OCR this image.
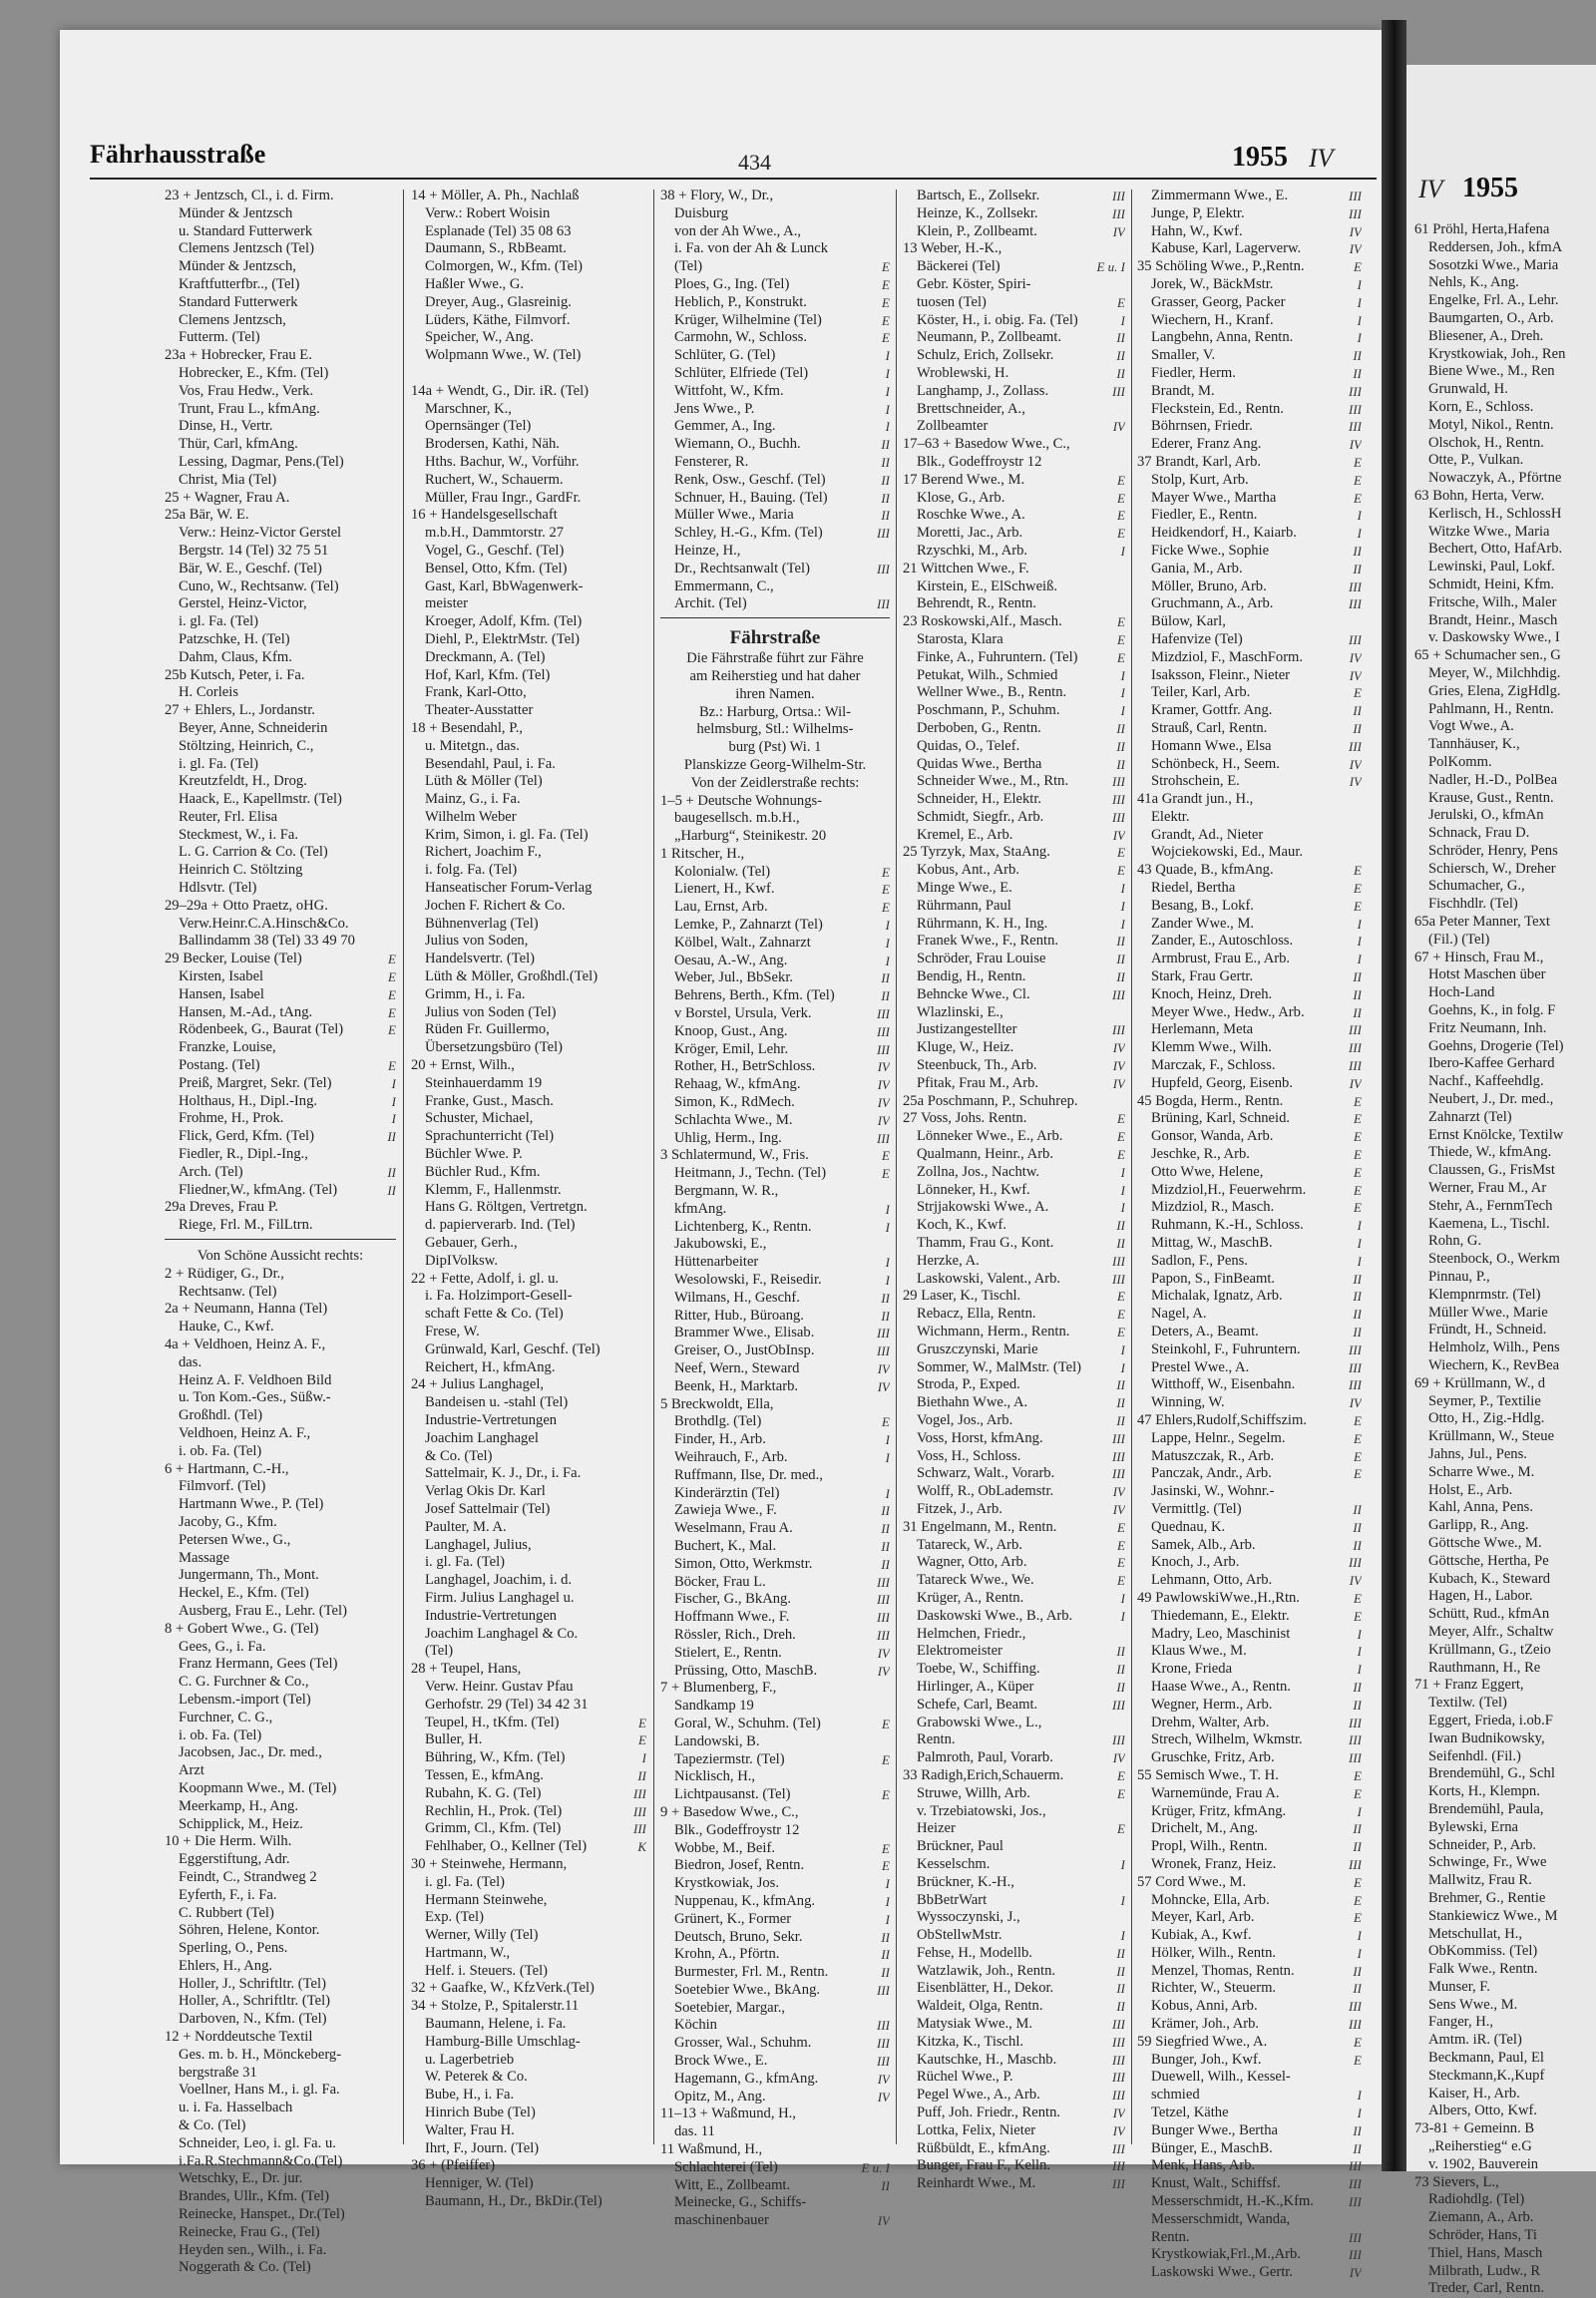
IV 1955
Fährhausstraße	434	1955 IV
23 + Jentzsch, Cl., i. d. Firm.
Münder & Jentzsch
u. Standard Futterwerk
Clemens Jentzsch (Tel)
Münder & Jentzsch,
Kraftfutterfbr.., (Tel)
Standard Futterwerk
Clemens Jentzsch,
Futterm. (Tel)
23a + Hobrecker, Frau E.
Hobrecker, E., Kfm. (Tel)
Vos, Frau Hedw., Verk.
Trunt, Frau L., kfmAng.
Dinse, H., Vertr.
Thür, Carl, kfmAng.
Lessing, Dagmar, Pens.(Tel)
Christ, Mia (Tel)
25 + Wagner, Frau A.
25a Bär, W. E.
Verw.: Heinz-Victor Gerstel
Bergstr. 14 (Tel) 32 75 51
Bär, W. E., Geschf. (Tel)
Cuno, W., Rechtsanw. (Tel)
Gerstel, Heinz-Victor,
i. gl. Fa. (Tel)
Patzschke, H. (Tel)
Dahm, Claus, Kfm.
25b Kutsch, Peter, i. Fa.
H. Corleis
27 + Ehlers, L., Jordanstr.
Beyer, Anne, Schneiderin
Stöltzing, Heinrich, C.,
i. gl. Fa. (Tel)
Kreutzfeldt, H., Drog.
Haack, E., Kapellmstr. (Tel)
Reuter, Frl. Elisa
Steckmest, W., i. Fa.
L. G. Carrion & Co. (Tel)
Heinrich C. Stöltzing
Hdlsvtr. (Tel)
29–29a + Otto Praetz, oHG.
Verw.Heinr.C.A.Hinsch&Co.
Ballindamm 38 (Tel) 33 49 70
29 Becker, Louise (Tel)	E
Kirsten, Isabel	E
Hansen, Isabel	E
Hansen, M.-Ad., tAng.	E
Rödenbeek, G., Baurat (Tel)	E
Franzke, Louise,
Postang. (Tel)	E
Preiß, Margret, Sekr. (Tel)	I
Holthaus, H., Dipl.-Ing.	I
Frohme, H., Prok.	I
Flick, Gerd, Kfm. (Tel)	II
Fiedler, R., Dipl.-Ing.,
Arch. (Tel)	II
Fliedner,W., kfmAng. (Tel)	II
29a Dreves, Frau P.
Riege, Frl. M., FilLtrn.
Von Schöne Aussicht rechts:
2 + Rüdiger, G., Dr.,
Rechtsanw. (Tel)
2a + Neumann, Hanna (Tel)
Hauke, C., Kwf.
4a + Veldhoen, Heinz A. F.,
das.
Heinz A. F. Veldhoen Bild
u. Ton Kom.-Ges., Süßw.-
Großhdl. (Tel)
Veldhoen, Heinz A. F.,
i. ob. Fa. (Tel)
6 + Hartmann, C.-H.,
Filmvorf. (Tel)
Hartmann Wwe., P. (Tel)
Jacoby, G., Kfm.
Petersen Wwe., G.,
Massage
Jungermann, Th., Mont.
Heckel, E., Kfm. (Tel)
Ausberg, Frau E., Lehr. (Tel)
8 + Gobert Wwe., G. (Tel)
Gees, G., i. Fa.
Franz Hermann, Gees (Tel)
C. G. Furchner & Co.,
Lebensm.-import (Tel)
Furchner, C. G.,
i. ob. Fa. (Tel)
Jacobsen, Jac., Dr. med.,
Arzt
Koopmann Wwe., M. (Tel)
Meerkamp, H., Ang.
Schipplick, M., Heiz.
10 + Die Herm. Wilh.
Eggerstiftung, Adr.
Feindt, C., Strandweg 2
Eyferth, F., i. Fa.
C. Rubbert (Tel)
Söhren, Helene, Kontor.
Sperling, O., Pens.
Ehlers, H., Ang.
Holler, J., Schriftltr. (Tel)
Holler, A., Schriftltr. (Tel)
Darboven, N., Kfm. (Tel)
12 + Norddeutsche Textil
Ges. m. b. H., Mönckeberg-
bergstraße 31
Voellner, Hans M., i. gl. Fa.
u. i. Fa. Hasselbach
& Co. (Tel)
Schneider, Leo, i. gl. Fa. u.
i.Fa.R.Stechmann&Co.(Tel)
Wetschky, E., Dr. jur.
Brandes, Ullr., Kfm. (Tel)
Reinecke, Hanspet., Dr.(Tel)
Reinecke, Frau G., (Tel)
Heyden sen., Wilh., i. Fa.
Noggerath & Co. (Tel)
14 + Möller, A. Ph., Nachlaß
Verw.: Robert Woisin
Esplanade (Tel) 35 08 63
Daumann, S., RbBeamt.
Colmorgen, W., Kfm. (Tel)
Haßler Wwe., G.
Dreyer, Aug., Glasreinig.
Lüders, Käthe, Filmvorf.
Speicher, W., Ang.
Wolpmann Wwe., W. (Tel)
14a + Wendt, G., Dir. iR. (Tel)
Marschner, K.,
Opernsänger (Tel)
Brodersen, Kathi, Näh.
Hths. Bachur, W., Vorführ.
Ruchert, W., Schauerm.
Müller, Frau Ingr., GardFr.
16 + Handelsgesellschaft
m.b.H., Dammtorstr. 27
Vogel, G., Geschf. (Tel)
Bensel, Otto, Kfm. (Tel)
Gast, Karl, BbWagenwerk-
meister
Kroeger, Adolf, Kfm. (Tel)
Diehl, P., ElektrMstr. (Tel)
Dreckmann, A. (Tel)
Hof, Karl, Kfm. (Tel)
Frank, Karl-Otto,
Theater-Ausstatter
18 + Besendahl, P.,
u. Mitetgn., das.
Besendahl, Paul, i. Fa.
Lüth & Möller (Tel)
Mainz, G., i. Fa.
Wilhelm Weber
Krim, Simon, i. gl. Fa. (Tel)
Richert, Joachim F.,
i. folg. Fa. (Tel)
Hanseatischer Forum-Verlag
Jochen F. Richert & Co.
Bühnenverlag (Tel)
Julius von Soden,
Handelsvertr. (Tel)
Lüth & Möller, Großhdl.(Tel)
Grimm, H., i. Fa.
Julius von Soden (Tel)
Rüden Fr. Guillermo,
Übersetzungsbüro (Tel)
20 + Ernst, Wilh.,
Steinhauerdamm 19
Franke, Gust., Masch.
Schuster, Michael,
Sprachunterricht (Tel)
Büchler Wwe. P.
Büchler Rud., Kfm.
Klemm, F., Hallenmstr.
Hans G. Röltgen, Vertretgn.
d. papierverarb. Ind. (Tel)
Gebauer, Gerh.,
DipIVolksw.
22 + Fette, Adolf, i. gl. u.
i. Fa. Holzimport-Gesell-
schaft Fette & Co. (Tel)
Frese, W.
Grünwald, Karl, Geschf. (Tel)
Reichert, H., kfmAng.
24 + Julius Langhagel,
Bandeisen u. -stahl (Tel)
Industrie-Vertretungen
Joachim Langhagel
& Co. (Tel)
Sattelmair, K. J., Dr., i. Fa.
Verlag Okis Dr. Karl
Josef Sattelmair (Tel)
Paulter, M. A.
Langhagel, Julius,
i. gl. Fa. (Tel)
Langhagel, Joachim, i. d.
Firm. Julius Langhagel u.
Industrie-Vertretungen
Joachim Langhagel & Co.
(Tel)
28 + Teupel, Hans,
Verw. Heinr. Gustav Pfau
Gerhofstr. 29 (Tel) 34 42 31
Teupel, H., tKfm. (Tel)	E
Buller, H.	E
Bühring, W., Kfm. (Tel)	I
Tessen, E., kfmAng.	II
Rubahn, K. G. (Tel)	III
Rechlin, H., Prok. (Tel)	III
Grimm, Cl., Kfm. (Tel)	III
Fehlhaber, O., Kellner (Tel)	K
30 + Steinwehe, Hermann,
i. gl. Fa. (Tel)
Hermann Steinwehe,
Exp. (Tel)
Werner, Willy (Tel)
Hartmann, W.,
Helf. i. Steuers. (Tel)
32 + Gaafke, W., KfzVerk.(Tel)
34 + Stolze, P., Spitalerstr.11
Baumann, Helene, i. Fa.
Hamburg-Bille Umschlag-
u. Lagerbetrieb
W. Peterek & Co.
Bube, H., i. Fa.
Hinrich Bube (Tel)
Walter, Frau H.
Ihrt, F., Journ. (Tel)
36 + (Pfeiffer)
Henniger, W. (Tel)
Baumann, H., Dr., BkDir.(Tel)
38 + Flory, W., Dr.,
Duisburg
von der Ah Wwe., A.,
i. Fa. von der Ah & Lunck
(Tel)	E
Ploes, G., Ing. (Tel)	E
Heblich, P., Konstrukt.	E
Krüger, Wilhelmine (Tel)	E
Carmohn, W., Schloss.	E
Schlüter, G. (Tel)	I
Schlüter, Elfriede (Tel)	I
Wittfoht, W., Kfm.	I
Jens Wwe., P.	I
Gemmer, A., Ing.	I
Wiemann, O., Buchh.	II
Fensterer, R.	II
Renk, Osw., Geschf. (Tel)	II
Schnuer, H., Bauing. (Tel)	II
Müller Wwe., Maria	II
Schley, H.-G., Kfm. (Tel)	III
Heinze, H.,
Dr., Rechtsanwalt (Tel)	III
Emmermann, C.,
Archit. (Tel)	III
Fährstraße
Die Fährstraße führt zur Fähre
am Reiherstieg und hat daher
ihren Namen.
Bz.: Harburg, Ortsa.: Wil-
helmsburg, Stl.: Wilhelms-
burg (Pst) Wi. 1
Planskizze Georg-Wilhelm-Str.
Von der Zeidlerstraße rechts:
1–5 + Deutsche Wohnungs-
baugesellsch. m.b.H.,
„Harburg“, Steinikestr. 20
1 Ritscher, H.,
Kolonialw. (Tel)	E
Lienert, H., Kwf.	E
Lau, Ernst, Arb.	E
Lemke, P., Zahnarzt (Tel)	I
Kölbel, Walt., Zahnarzt	I
Oesau, A.-W., Ang.	I
Weber, Jul., BbSekr.	II
Behrens, Berth., Kfm. (Tel)	II
v Borstel, Ursula, Verk.	III
Knoop, Gust., Ang.	III
Kröger, Emil, Lehr.	III
Rother, H., BetrSchloss.	IV
Rehaag, W., kfmAng.	IV
Simon, K., RdMech.	IV
Schlachta Wwe., M.	IV
Uhlig, Herm., Ing.	III
3 Schlatermund, W., Fris.	E
Heitmann, J., Techn. (Tel)	E
Bergmann, W. R.,
kfmAng.	I
Lichtenberg, K., Rentn.	I
Jakubowski, E.,
Hüttenarbeiter	I
Wesolowski, F., Reisedir.	I
Wilmans, H., Geschf.	II
Ritter, Hub., Büroang.	II
Brammer Wwe., Elisab.	III
Greiser, O., JustObInsp.	III
Neef, Wern., Steward	IV
Beenk, H., Marktarb.	IV
5 Breckwoldt, Ella,
Brothdlg. (Tel)	E
Finder, H., Arb.	I
Weihrauch, F., Arb.	I
Ruffmann, Ilse, Dr. med.,
Kinderärztin (Tel)	I
Zawieja Wwe., F.	II
Weselmann, Frau A.	II
Buchert, K., Mal.	II
Simon, Otto, Werkmstr.	II
Böcker, Frau L.	III
Fischer, G., BkAng.	III
Hoffmann Wwe., F.	III
Rössler, Rich., Dreh.	III
Stielert, E., Rentn.	IV
Prüssing, Otto, MaschB.	IV
7 + Blumenberg, F.,
Sandkamp 19
Goral, W., Schuhm. (Tel)	E
Landowski, B.
Tapeziermstr. (Tel)	E
Nicklisch, H.,
Lichtpausanst. (Tel)	E
9 + Basedow Wwe., C.,
Blk., Godeffroystr 12
Wobbe, M., Beif.	E
Biedron, Josef, Rentn.	E
Krystkowiak, Jos.	I
Nuppenau, K., kfmAng.	I
Grünert, K., Former	I
Deutsch, Bruno, Sekr.	II
Krohn, A., Pförtn.	II
Burmester, Frl. M., Rentn.	II
Soetebier Wwe., BkAng.	III
Soetebier, Margar.,
Köchin	III
Grosser, Wal., Schuhm.	III
Brock Wwe., E.	III
Hagemann, G., kfmAng.	IV
Opitz, M., Ang.	IV
11–13 + Waßmund, H.,
das. 11
11 Waßmund, H.,
Schlachterei (Tel)	E u. I
Witt, E., Zollbeamt.	II
Meinecke, G., Schiffs-
maschinenbauer	IV
Bartsch, E., Zollsekr.	III
Heinze, K., Zollsekr.	III
Klein, P., Zollbeamt.	IV
13 Weber, H.-K.,
Bäckerei (Tel)	E u. I
Gebr. Köster, Spiri-
tuosen (Tel)	E
Köster, H., i. obig. Fa. (Tel)	I
Neumann, P., Zollbeamt.	II
Schulz, Erich, Zollsekr.	II
Wroblewski, H.	II
Langhamp, J., Zollass.	III
Brettschneider, A.,
Zollbeamter	IV
17–63 + Basedow Wwe., C.,
Blk., Godeffroystr 12
17 Berend Wwe., M.	E
Klose, G., Arb.	E
Roschke Wwe., A.	E
Moretti, Jac., Arb.	E
Rzyschki, M., Arb.	I
21 Wittchen Wwe., F.
Kirstein, E., ElSchweiß.
Behrendt, R., Rentn.
23 Roskowski,Alf., Masch.	E
Starosta, Klara	E
Finke, A., Fuhruntern. (Tel)	E
Petukat, Wilh., Schmied	I
Wellner Wwe., B., Rentn.	I
Poschmann, P., Schuhm.	I
Derboben, G., Rentn.	II
Quidas, O., Telef.	II
Quidas Wwe., Bertha	II
Schneider Wwe., M., Rtn.	III
Schneider, H., Elektr.	III
Schmidt, Siegfr., Arb.	III
Kremel, E., Arb.	IV
25 Tyrzyk, Max, StaAng.	E
Kobus, Ant., Arb.	E
Minge Wwe., E.	I
Rührmann, Paul	I
Rührmann, K. H., Ing.	I
Franek Wwe., F., Rentn.	II
Schröder, Frau Louise	II
Bendig, H., Rentn.	II
Behncke Wwe., Cl.	III
Wlazlinski, E.,
Justizangestellter	III
Kluge, W., Heiz.	IV
Steenbuck, Th., Arb.	IV
Pfitak, Frau M., Arb.	IV
25a Poschmann, P., Schuhrep.
27 Voss, Johs. Rentn.	E
Lönneker Wwe., E., Arb.	E
Qualmann, Heinr., Arb.	E
Zollna, Jos., Nachtw.	I
Lönneker, H., Kwf.	I
Strjjakowski Wwe., A.	I
Koch, K., Kwf.	II
Thamm, Frau G., Kont.	II
Herzke, A.	III
Laskowski, Valent., Arb.	III
29 Laser, K., Tischl.	E
Rebacz, Ella, Rentn.	E
Wichmann, Herm., Rentn.	E
Gruszczynski, Marie	I
Sommer, W., MalMstr. (Tel)	I
Stroda, P., Exped.	II
Biethahn Wwe., A.	II
Vogel, Jos., Arb.	II
Voss, Horst, kfmAng.	III
Voss, H., Schloss.	III
Schwarz, Walt., Vorarb.	III
Wolff, R., ObLademstr.	IV
Fitzek, J., Arb.	IV
31 Engelmann, M., Rentn.	E
Tatareck, W., Arb.	E
Wagner, Otto, Arb.	E
Tatareck Wwe., We.	E
Krüger, A., Rentn.	I
Daskowski Wwe., B., Arb.	I
Helmchen, Friedr.,
Elektromeister	II
Toebe, W., Schiffing.	II
Hirlinger, A., Küper	II
Schefe, Carl, Beamt.	III
Grabowski Wwe., L.,
Rentn.	III
Palmroth, Paul, Vorarb.	IV
33 Radigh,Erich,Schauerm.	E
Struwe, Willh, Arb.	E
v. Trzebiatowski, Jos.,
Heizer	E
Brückner, Paul
Kesselschm.	I
Brückner, K.-H.,
BbBetrWart	I
Wyssoczynski, J.,
ObStellwMstr.	I
Fehse, H., Modellb.	II
Watzlawik, Joh., Rentn.	II
Eisenblätter, H., Dekor.	II
Waldeit, Olga, Rentn.	II
Matysiak Wwe., M.	III
Kitzka, K., Tischl.	III
Kautschke, H., Maschb.	III
Rüchel Wwe., P.	III
Pegel Wwe., A., Arb.	III
Puff, Joh. Friedr., Rentn.	IV
Lottka, Felix, Nieter	IV
Rüßbüldt, E., kfmAng.	III
Bunger, Frau F., Kelln.	III
Reinhardt Wwe., M.	III
Zimmermann Wwe., E.	III
Junge, P, Elektr.	III
Hahn, W., Kwf.	IV
Kabuse, Karl, Lagerverw.	IV
35 Schöling Wwe., P.,Rentn.	E
Jorek, W., BäckMstr.	I
Grasser, Georg, Packer	I
Wiechern, H., Kranf.	I
Langbehn, Anna, Rentn.	I
Smaller, V.	II
Fiedler, Herm.	II
Brandt, M.	III
Fleckstein, Ed., Rentn.	III
Böhrnsen, Friedr.	III
Ederer, Franz Ang.	IV
37 Brandt, Karl, Arb.	E
Stolp, Kurt, Arb.	E
Mayer Wwe., Martha	E
Fiedler, E., Rentn.	I
Heidkendorf, H., Kaiarb.	I
Ficke Wwe., Sophie	II
Gania, M., Arb.	II
Möller, Bruno, Arb.	III
Gruchmann, A., Arb.	III
Bülow, Karl,
Hafenvize (Tel)	III
Mizdziol, F., MaschForm.	IV
Isaksson, Fleinr., Nieter	IV
Teiler, Karl, Arb.	E
Kramer, Gottfr. Ang.	II
Strauß, Carl, Rentn.	II
Homann Wwe., Elsa	III
Schönbeck, H., Seem.	IV
Strohschein, E.	IV
41a Grandt jun., H.,
Elektr.
Grandt, Ad., Nieter
Wojciekowski, Ed., Maur.
43 Quade, B., kfmAng.	E
Riedel, Bertha	E
Besang, B., Lokf.	E
Zander Wwe., M.	I
Zander, E., Autoschloss.	I
Armbrust, Frau E., Arb.	I
Stark, Frau Gertr.	II
Knoch, Heinz, Dreh.	II
Meyer Wwe., Hedw., Arb.	II
Herlemann, Meta	III
Klemm Wwe., Wilh.	III
Marczak, F., Schloss.	III
Hupfeld, Georg, Eisenb.	IV
45 Bogda, Herm., Rentn.	E
Brüning, Karl, Schneid.	E
Gonsor, Wanda, Arb.	E
Jeschke, R., Arb.	E
Otto Wwe, Helene,	E
Mizdziol,H., Feuerwehrm.	E
Mizdziol, R., Masch.	E
Ruhmann, K.-H., Schloss.	I
Mittag, W., MaschB.	I
Sadlon, F., Pens.	I
Papon, S., FinBeamt.	II
Michalak, Ignatz, Arb.	II
Nagel, A.	II
Deters, A., Beamt.	II
Steinkohl, F., Fuhruntern.	III
Prestel Wwe., A.	III
Witthoff, W., Eisenbahn.	III
Winning, W.	IV
47 Ehlers,Rudolf,Schiffszim.	E
Lappe, Helnr., Segelm.	E
Matuszczak, R., Arb.	E
Panczak, Andr., Arb.	E
Jasinski, W., Wohnr.-
Vermittlg. (Tel)	II
Quednau, K.	II
Samek, Alb., Arb.	II
Knoch, J., Arb.	III
Lehmann, Otto, Arb.	IV
49 PawlowskiWwe.,H.,Rtn.	E
Thiedemann, E., Elektr.	E
Madry, Leo, Maschinist	I
Klaus Wwe., M.	I
Krone, Frieda	I
Haase Wwe., A., Rentn.	II
Wegner, Herm., Arb.	II
Drehm, Walter, Arb.	III
Strech, Wilhelm, Wkmstr.	III
Gruschke, Fritz, Arb.	III
55 Semisch Wwe., T. H.	E
Warnemünde, Frau A.	E
Krüger, Fritz, kfmAng.	I
Drichelt, M., Ang.	II
Propl, Wilh., Rentn.	II
Wronek, Franz, Heiz.	III
57 Cord Wwe., M.	E
Mohncke, Ella, Arb.	E
Meyer, Karl, Arb.	E
Kubiak, A., Kwf.	I
Hölker, Wilh., Rentn.	I
Menzel, Thomas, Rentn.	II
Richter, W., Steuerm.	II
Kobus, Anni, Arb.	III
Krämer, Joh., Arb.	III
59 Siegfried Wwe., A.	E
Bunger, Joh., Kwf.	E
Duewell, Wilh., Kessel-
schmied	I
Tetzel, Käthe	I
Bunger Wwe., Bertha	II
Bünger, E., MaschB.	II
Menk, Hans, Arb.	III
Knust, Walt., Schiffsf.	III
Messerschmidt, H.-K.,Kfm.	III
Messerschmidt, Wanda,
Rentn.	III
Krystkowiak,Frl.,M.,Arb.	III
Laskowski Wwe., Gertr.	IV
61 Pröhl, Herta,Hafena
Reddersen, Joh., kfmA
Sosotzki Wwe., Maria
Nehls, K., Ang.
Engelke, Frl. A., Lehr.
Baumgarten, O., Arb.
Bliesener, A., Dreh.
Krystkowiak, Joh., Ren
Biene Wwe., M., Ren
Grunwald, H.
Korn, E., Schloss.
Motyl, Nikol., Rentn.
Olschok, H., Rentn.
Otte, P., Vulkan.
Nowaczyk, A., Pförtne
63 Bohn, Herta, Verw.
Kerlisch, H., SchlossH
Witzke Wwe., Maria
Bechert, Otto, HafArb.
Lewinski, Paul, Lokf.
Schmidt, Heini, Kfm.
Fritsche, Wilh., Maler
Brandt, Heinr., Masch
v. Daskowsky Wwe., I
65 + Schumacher sen., G
Meyer, W., Milchhdig.
Gries, Elena, ZigHdlg.
Pahlmann, H., Rentn.
Vogt Wwe., A.
Tannhäuser, K.,
PolKomm.
Nadler, H.-D., PolBea
Krause, Gust., Rentn.
Jerulski, O., kfmAn
Schnack, Frau D.
Schröder, Henry, Pens
Schiersch, W., Dreher
Schumacher, G.,
Fischhdlr. (Tel)
65a Peter Manner, Text
(Fil.) (Tel)
67 + Hinsch, Frau M.,
Hotst Maschen über
Hoch-Land
Goehns, K., in folg. F
Fritz Neumann, Inh.
Goehns, Drogerie (Tel)
Ibero-Kaffee Gerhard
Nachf., Kaffeehdlg.
Neubert, J., Dr. med.,
Zahnarzt (Tel)
Ernst Knölcke, Textilw
Thiede, W., kfmAng.
Claussen, G., FrisMst
Werner, Frau M., Ar
Stehr, A., FernmTech
Kaemena, L., Tischl.
Rohn, G.
Steenbock, O., Werkm
Pinnau, P.,
Klempnrmstr. (Tel)
Müller Wwe., Marie
Fründt, H., Schneid.
Helmholz, Wilh., Pens
Wiechern, K., RevBea
69 + Krüllmann, W., d
Seymer, P., Textilie
Otto, H., Zig.-Hdlg.
Krüllmann, W., Steue
Jahns, Jul., Pens.
Scharre Wwe., M.
Holst, E., Arb.
Kahl, Anna, Pens.
Garlipp, R., Ang.
Göttsche Wwe., M.
Göttsche, Hertha, Pe
Kubach, K., Steward
Hagen, H., Labor.
Schütt, Rud., kfmAn
Meyer, Alfr., Schaltw
Krüllmann, G., tZeio
Rauthmann, H., Re
71 + Franz Eggert,
Textilw. (Tel)
Eggert, Frieda, i.ob.F
Iwan Budnikowsky,
Seifenhdl. (Fil.)
Brendemühl, G., Schl
Korts, H., Klempn.
Brendemühl, Paula,
Bylewski, Erna
Schneider, P., Arb.
Schwinge, Fr., Wwe
Mallwitz, Frau R.
Brehmer, G., Rentie
Stankiewicz Wwe., M
Metschullat, H.,
ObKommiss. (Tel)
Falk Wwe., Rentn.
Munser, F.
Sens Wwe., M.
Fanger, H.,
Amtm. iR. (Tel)
Beckmann, Paul, El
Steckmann,K.,Kupf
Kaiser, H., Arb.
Albers, Otto, Kwf.
73-81 + Gemeinn. B
„Reiherstieg“ e.G
v. 1902, Bauverein
73 Sievers, L.,
Radiohdlg. (Tel)
Ziemann, A., Arb.
Schröder, Hans, Ti
Thiel, Hans, Masch
Milbrath, Ludw., R
Treder, Carl, Rentn.
